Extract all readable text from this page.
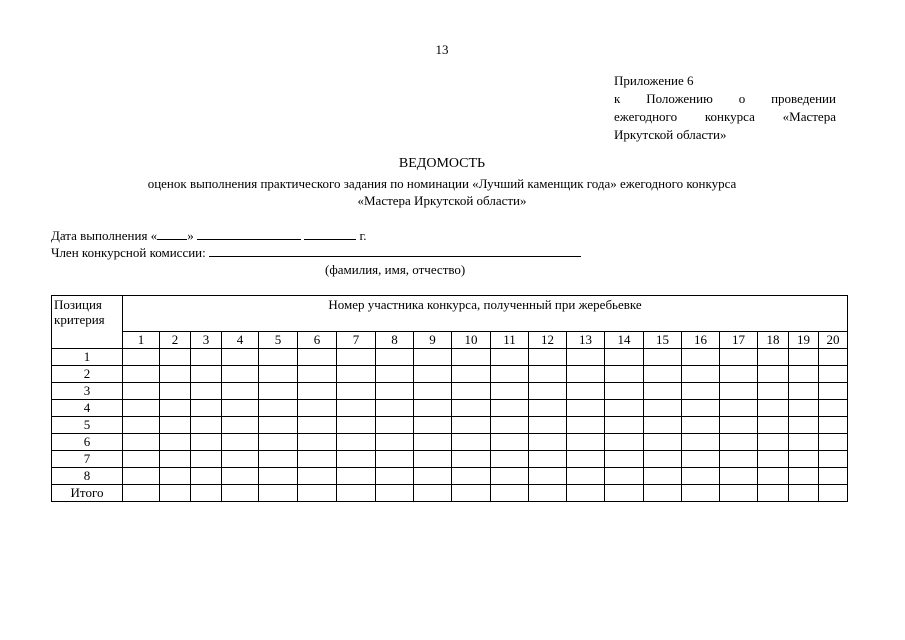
13
Приложение 6
к Положению о проведении
ежегодного конкурса «Мастера
Иркутской области»
ВЕДОМОСТЬ
оценок выполнения практического задания по номинации «Лучший каменщик года» ежегодного конкурса
«Мастера Иркутской области»
Дата выполнения « »	г.
Член конкурсной комиссии:
(фамилия, имя, отчество)
Позиция критерия	Номер участника конкурса, полученный при жеребьевке																			
	1	2	3	4	5	6	7	8	9	10	11	12	13	14	15	16	17	18	19	20
1																				
2																				
3																				
4																				
5																				
6																				
7																				
8																				
Итого																				
